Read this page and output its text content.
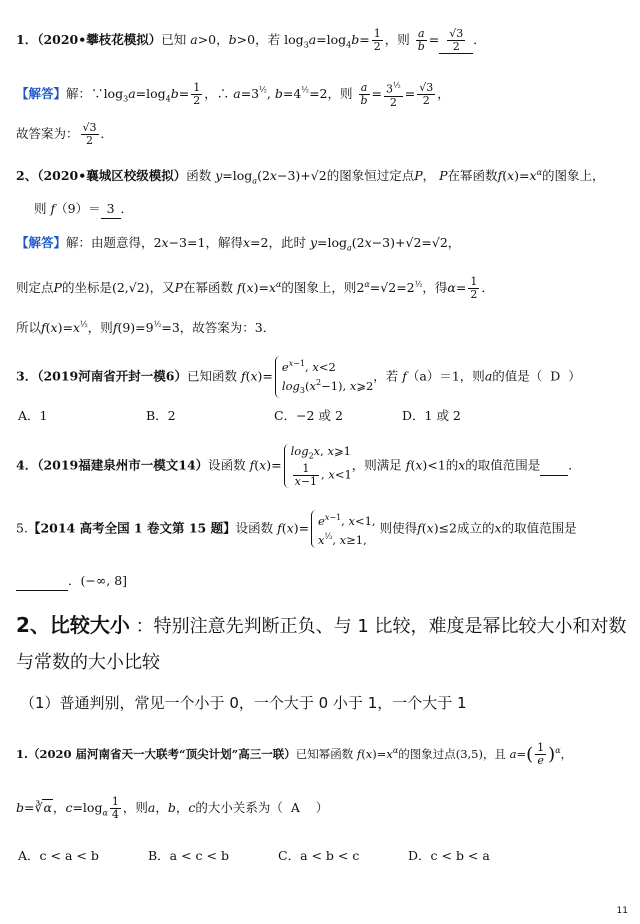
1．（2020•攀枝花模拟）已知 a>0，b>0，若 $\log_3a=\log_4b= \frac{1}{2}$ ，则 $\frac{a}{b} = \frac{√3}{2}$ ．
【解答】解：$\because\log_3a=\log_4b= \frac{1}{2}$ ，∴ $a=3^{\frac{1}{2}}$, $b=4^{\frac{1}{2}}=2$，则 $\frac{a}{b} = \frac{3^{\frac{1}{2}}}{2} = \frac{√3}{2}$ ，
故答案为： $\frac{√3}{2}$ ．
2、（2020•襄城区校级模拟）函数 $y=\log_a(2x-3)+√2$的图象恒过定点P， P在幂函数$f(x)=x^\alpha$的图象上，
则 f（9）＝ 3 ．
【解答】解：由题意得，2x−3=1，解得x=2，此时 $y=\log_a(2x-3)+√2=√2$，
则定点P的坐标是(2,√2)，又P在幂函数 $f(x)=x^\alpha$的图象上，则$2^\alpha=√2=2^{\frac{1}{2}}$，得$\alpha= \frac{1}{2}$ ．
所以$f(x)=x^{\frac{1}{2}}$，则$f(9)=9^{\frac{1}{2}}=3$，故答案为：3．
3．（2019河南省开封一模6）已知函数 $f(x)=e^{x-1}$, x<2
$\log_3(x^2-1)$, x⩾2，若 f（a）＝1，则a的值是（ D ）
A．1	B．2	C．−2 或 2	D．1 或 2
4．（2019福建泉州市一模文14）设函数 $f(x)=\log_2x$, x⩾1

$\frac{1}{x-1}$ , x<1，则满足 f(x)<1的x的取值范围是 ．
5.【2014 高考全国 1 卷文第 15 题】设函数 $f(x)= e^{x-1}$, x<1,
$x^{\frac{1}{3}}$, x≥1, 则使得f(x)≤2成立的x的取值范围是
．(−∞, 8]
2、比较大小 ：特别注意先判断正负、与 1 比较，难度是幂比较大小和对数
与常数的大小比较
（1）普通判别，常见一个小于 0，一个大于 0 小于 1，一个大于 1
1.（2020 届河南省天一大联考“顶尖计划”高三一联）已知幂函数 $f(x)=x^\alpha$的图象过点(3,5)，且 $a=( \frac{1}{e} )^\alpha$，
b=∛α，$c=\log_\alpha \frac{1}{4}$ ，则a，b，c的大小关系为（ A ）
A．c < a < b	B．a < c < b	C．a < b < c	D．c < b < a
11
